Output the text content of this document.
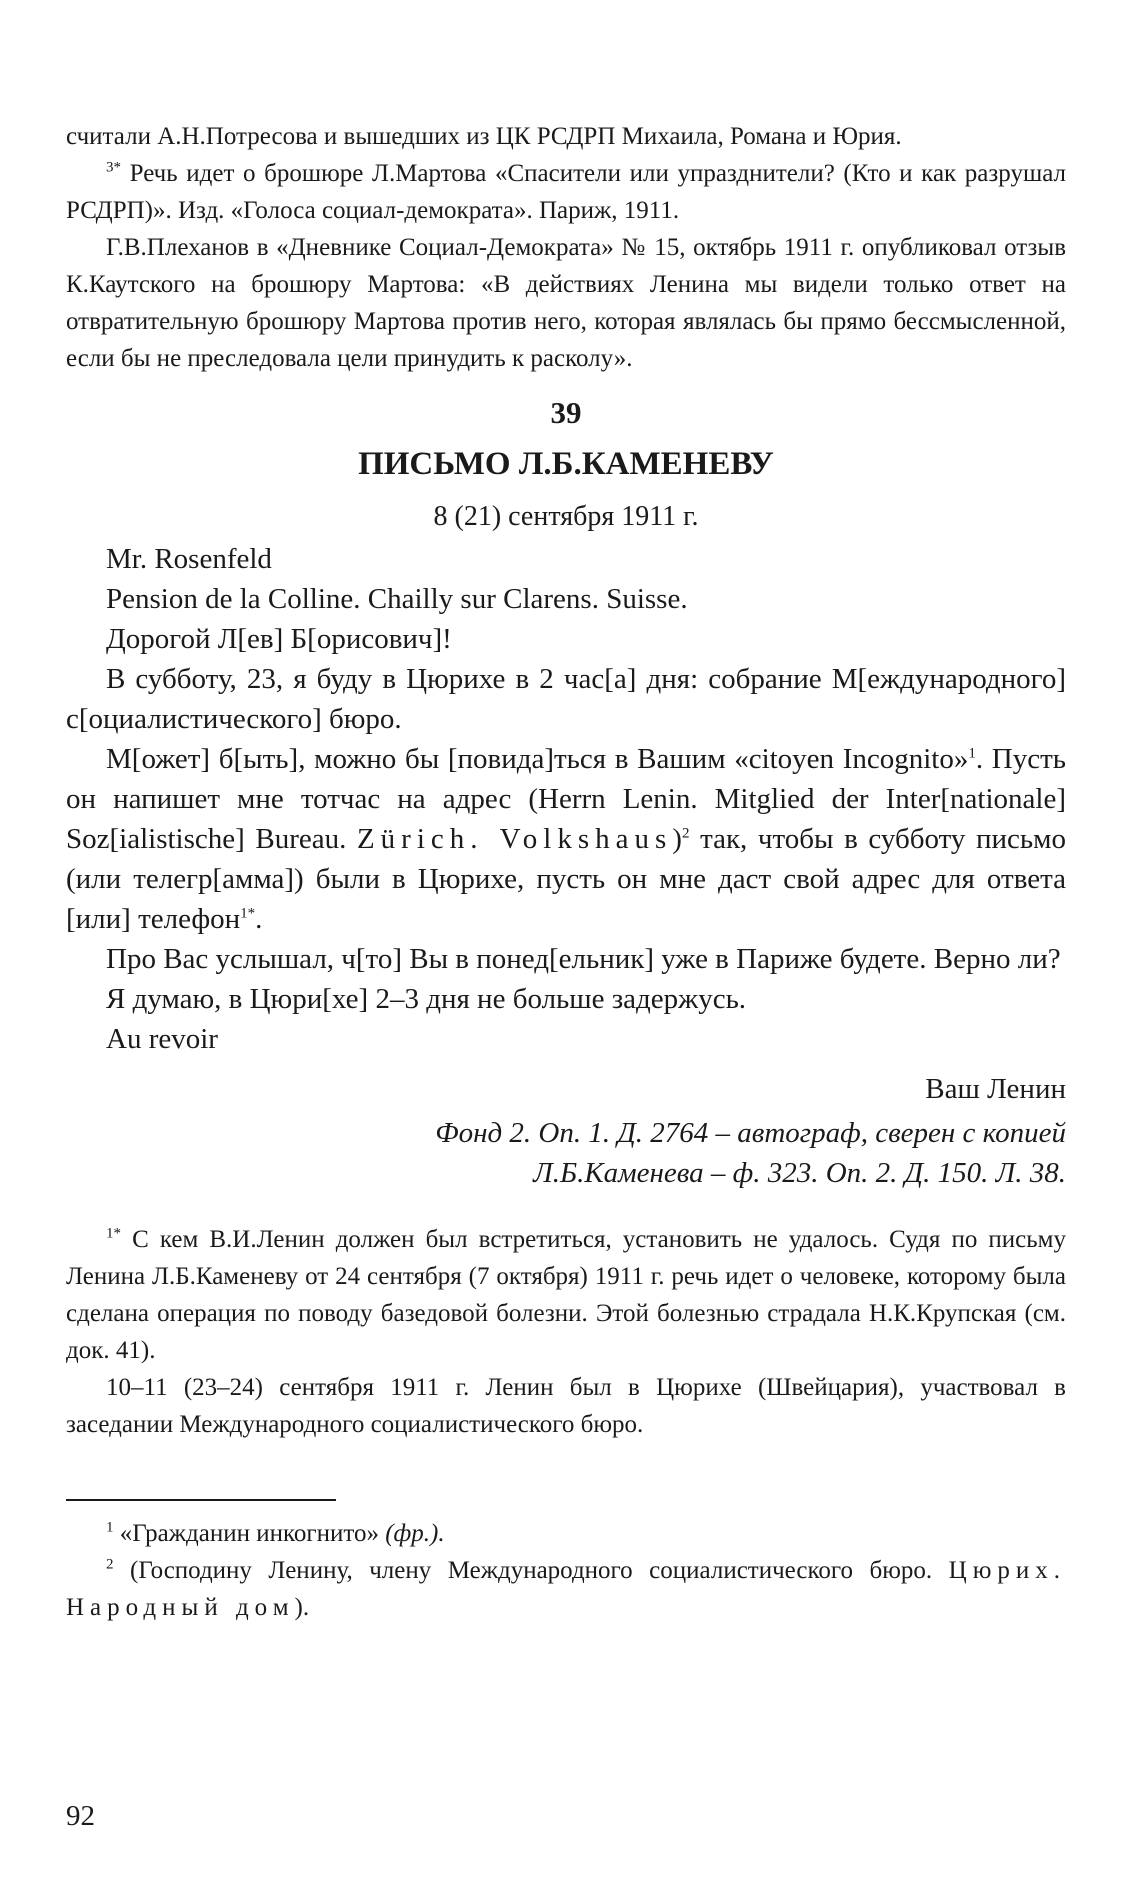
считали А.Н.Потресова и вышедших из ЦК РСДРП Михаила, Романа и Юрия.

$^{3*}$ Речь идет о брошюре Л.Мартова «Спасители или упразднители? (Кто и как разрушал РСДРП)». Изд. «Голоса социал-демократа». Париж, 1911.

Г.В.Плеханов в «Дневнике Социал-Демократа» № 15, октябрь 1911 г. опубликовал отзыв К.Каутского на брошюру Мартова: «В действиях Ленина мы видели только ответ на отвратительную брошюру Мартова против него, которая являлась бы прямо бессмысленной, если бы не преследовала цели принудить к расколу».

39

ПИСЬМО Л.Б.КАМЕНЕВУ

8 (21) сентября 1911 г.

Mr. Rosenfeld

Pension de la Colline. Chailly sur Clarens. Suisse.

Дорогой Л[ев] Б[орисович]!

В субботу, 23, я буду в Цюрихе в 2 час[а] дня: собрание М[еждународного] с[оциалистического] бюро.

М[ожет] б[ыть], можно бы [повида]ться в Вашим «citoyen Incognito»$^1$. Пусть он напишет мне тотчас на адрес (Herrn Lenin. Mitglied der Inter[nationale] Soz[ialistische] Bureau. Zürich. Volkshaus)$^2$ так, чтобы в субботу письмо (или телегр[амма]) были в Цюрихе, пусть он мне даст свой адрес для ответа [или] телефон$^{1*}$.

Про Вас услышал, ч[то] Вы в понед[ельник] уже в Париже будете. Верно ли?

Я думаю, в Цюри[хе] 2–3 дня не больше задержусь.

Au revoir

Ваш Ленин

Фонд 2. Оп. 1. Д. 2764 – автограф, сверен с копией

Л.Б.Каменева – ф. 323. Оп. 2. Д. 150. Л. 38.

$^{1*}$ С кем В.И.Ленин должен был встретиться, установить не удалось. Судя по письму Ленина Л.Б.Каменеву от 24 сентября (7 октября) 1911 г. речь идет о человеке, которому была сделана операция по поводу базедовой болезни. Этой болезнью страдала Н.К.Крупская (см. док. 41).

10–11 (23–24) сентября 1911 г. Ленин был в Цюрихе (Швейцария), участвовал в заседании Международного социалистического бюро.

$^1$ «Гражданин инкогнито» (фр.).

$^2$ (Господину Ленину, члену Международного социалистического бюро. Цюрих. Народный дом).

92
